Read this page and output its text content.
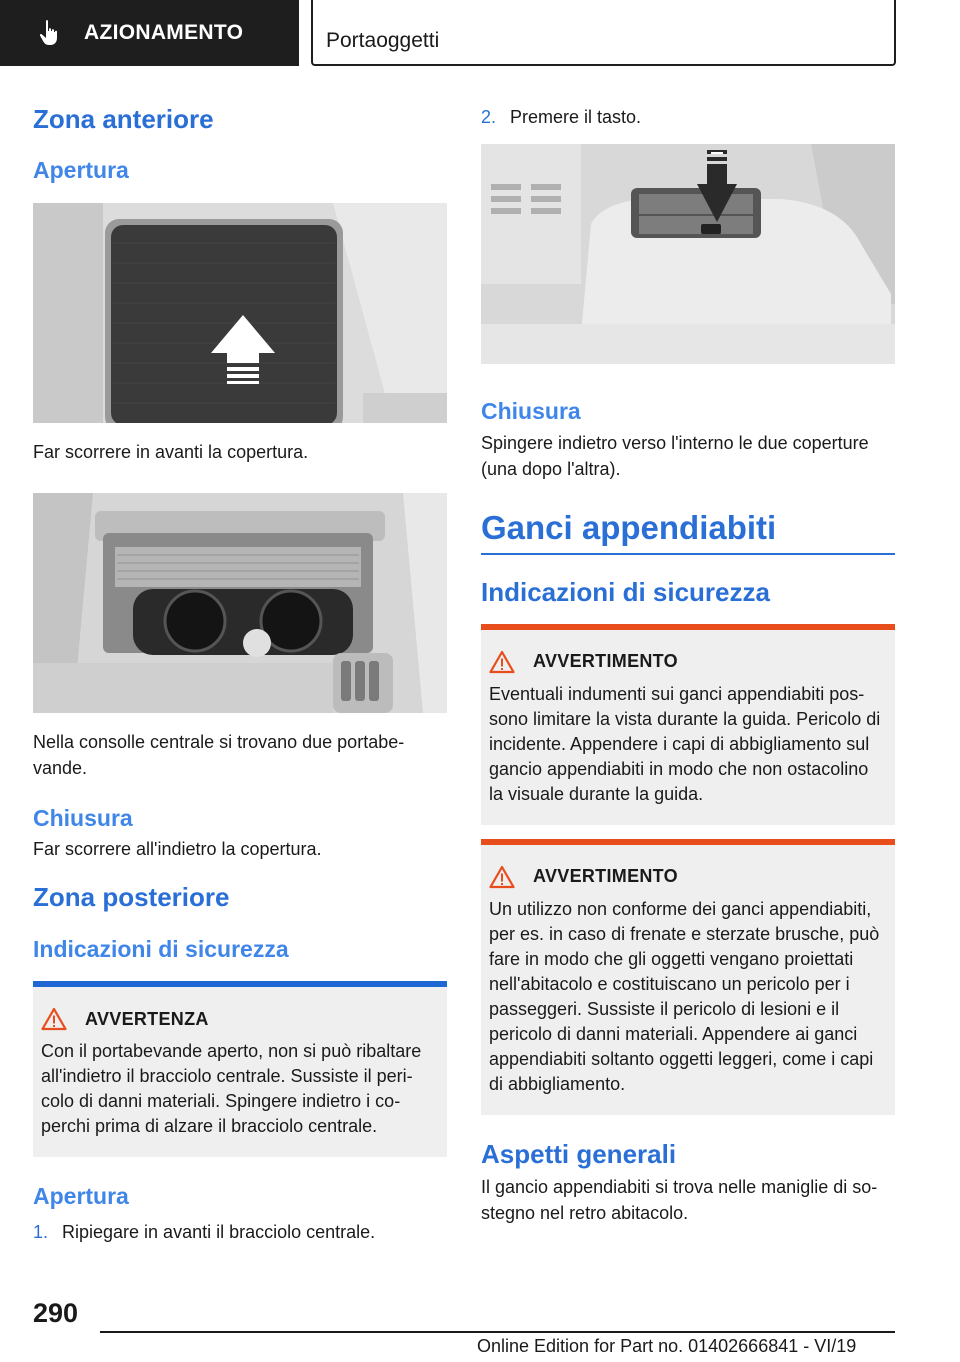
AZIONAMENTO	Portaoggetti
Zona anteriore
Apertura

Far scorrere in avanti la copertura.

Nella consolle centrale si trovano due portabevande.

Chiusura

Far scorrere all'indietro la copertura.

Zona posteriore
Indicazioni di sicurezza
AVVERTENZA
Con il portabevande aperto, non si può ribaltare all'indietro il bracciolo centrale. Sussiste il pericolo di danni materiali. Spingere indietro i coperchi prima di alzare il bracciolo centrale.
Apertura
1. Ripiegare in avanti il bracciolo centrale.
2. Premere il tasto.
Chiusura

Spingere indietro verso l'interno le due coperture (una dopo l'altra).

Ganci appendiabiti
Indicazioni di sicurezza
AVVERTIMENTO
Eventuali indumenti sui ganci appendiabiti possono limitare la vista durante la guida. Pericolo di incidente. Appendere i capi di abbigliamento sul gancio appendiabiti in modo che non ostacolino la visuale durante la guida.
AVVERTIMENTO
Un utilizzo non conforme dei ganci appendiabiti, per es. in caso di frenate e sterzate brusche, può fare in modo che gli oggetti vengano proiettati nell'abitacolo e costituiscano un pericolo per i passeggeri. Sussiste il pericolo di lesioni e il pericolo di danni materiali. Appendere ai ganci appendiabiti soltanto oggetti leggeri, come i capi di abbigliamento.
Aspetti generali

Il gancio appendiabiti si trova nelle maniglie di sostegno nel retro abitacolo.

290
Online Edition for Part no. 01402666841 - VI/19
